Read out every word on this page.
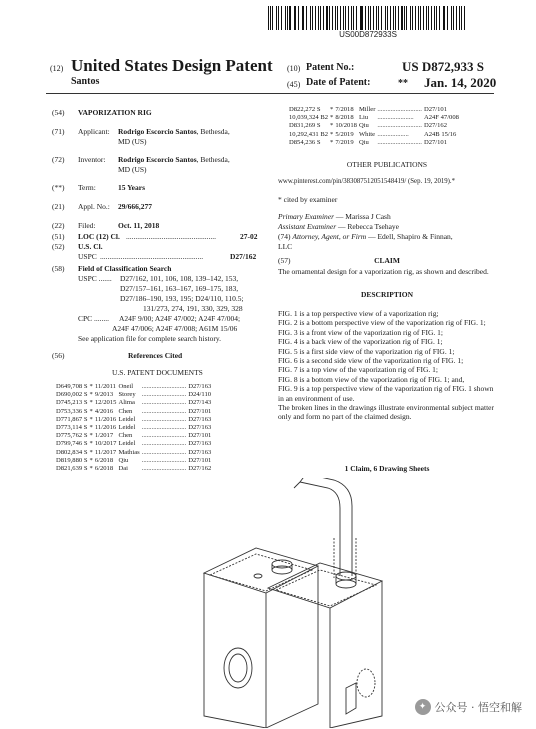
US00D872933S
(12) United States Design Patent
Santos
(10) Patent No.:	US D872,933 S
(45) Date of Patent:	** Jan. 14, 2020
(54) VAPORIZATION RIG
(71) Applicant: Rodrigo Escorcio Santos, Bethesda,
MD (US)
(72) Inventor: Rodrigo Escorcio Santos, Bethesda,
MD (US)
(**) Term:	15 Years
(21) Appl. No.: 29/666,277
(22) Filed:	Oct. 11, 2018
(51) LOC (12) Cl. ................................................	27-02
(52) U.S. Cl.
USPC .......................................................	D27/162
(58) Field of Classification Search
USPC ....... D27/162, 101, 106, 108, 139–142, 153,
D27/157–161, 163–167, 169–175, 183,
D27/186–190, 193, 195; D24/110, 110.5;
131/273, 274, 191, 330, 329, 328
CPC ........ A24F 9/00; A24F 47/002; A24F 47/004;
A24F 47/006; A24F 47/008; A61M 15/06
See application file for complete search history.
(56)	References Cited
U.S. PATENT DOCUMENTS
D649,708 S	*	11/2011	Oneil	...........................	D27/163
D690,002 S	*	9/2013	Storey	...........................	D24/110
D745,213 S	*	12/2015	Alima	...........................	D27/143
D753,336 S	*	4/2016	Chen	...........................	D27/101
D771,867 S	*	11/2016	Leidel	...........................	D27/163
D773,114 S	*	11/2016	Leidel	...........................	D27/163
D775,762 S	*	1/2017	Chen	...........................	D27/101
D799,746 S	*	10/2017	Leidel	...........................	D27/163
D802,834 S	*	11/2017	Mathias	...........................	D27/163
D819,880 S	*	6/2018	Qiu	...........................	D27/101
D821,639 S	*	6/2018	Dai	...........................	D27/162
D822,272 S	*	7/2018	Miller	...........................	D27/101
10,039,324 B2	*	8/2018	Liu	......................	A24F 47/008
D831,269 S	*	10/2018	Qiu	...........................	D27/162
10,292,431 B2	*	5/2019	White	...................	A24B 15/16
D854,236 S	*	7/2019	Qiu	...........................	D27/101
OTHER PUBLICATIONS
www.pinterest.com/pin/383087512051548419/ (Sep. 19, 2019).*
* cited by examiner
Primary Examiner — Marissa J Cash
Assistant Examiner — Rebecca Tsehaye
(74) Attorney, Agent, or Firm — Edell, Shapiro & Finnan,
LLC
(57)	CLAIM
The ornamental design for a vaporization rig, as shown and described.
DESCRIPTION

FIG. 1 is a top perspective view of a vaporization rig;

FIG. 2 is a bottom perspective view of the vaporization rig of FIG. 1;

FIG. 3 is a front view of the vaporization rig of FIG. 1;

FIG. 4 is a back view of the vaporization rig of FIG. 1;

FIG. 5 is a first side view of the vaporization rig of FIG. 1;

FIG. 6 is a second side view of the vaporization rig of FIG. 1;

FIG. 7 is a top view of the vaporization rig of FIG. 1;

FIG. 8 is a bottom view of the vaporization rig of FIG. 1; and,

FIG. 9 is a top perspective view of the vaporization rig of FIG. 1 shown in an environment of use.

The broken lines in the drawings illustrate environmental subject matter only and form no part of the claimed design.

1 Claim, 6 Drawing Sheets
✦ 公众号 · 悟空和解
